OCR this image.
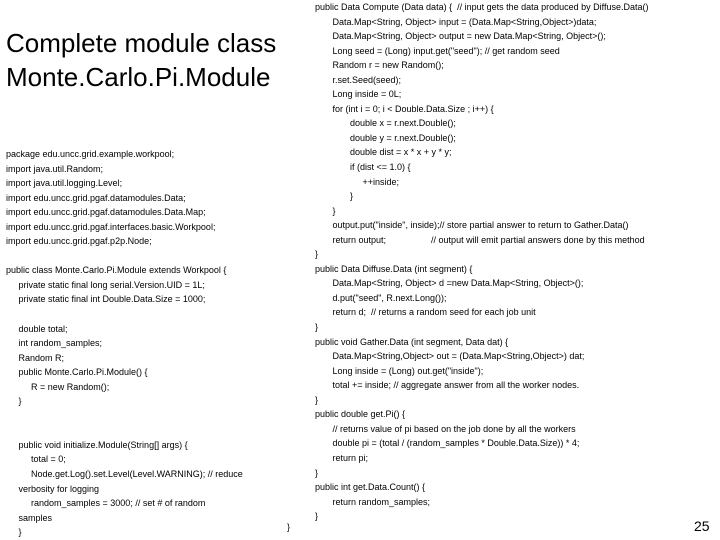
Complete module class
Monte.Carlo.Pi.Module
package edu.uncc.grid.example.workpool;
import java.util.Random;
import java.util.logging.Level;
import edu.uncc.grid.pgaf.datamodules.Data;
import edu.uncc.grid.pgaf.datamodules.Data.Map;
import edu.uncc.grid.pgaf.interfaces.basic.Workpool;
import edu.uncc.grid.pgaf.p2p.Node;

public class Monte.Carlo.Pi.Module extends Workpool {
private static final long serial.Version.UID = 1L;
private static final int Double.Data.Size = 1000;

double total;
int random_samples;
Random R;
public Monte.Carlo.Pi.Module() {
R = new Random();
}

public void initialize.Module(String[] args) {
total = 0;
Node.get.Log().set.Level(Level.WARNING); // reduce
verbosity for logging
random_samples = 3000; // set # of random
samples
}
public Data Compute (Data data) {  // input gets the data produced by Diffuse.Data()
Data.Map<String, Object> input = (Data.Map<String,Object>)data;
Data.Map<String, Object> output = new Data.Map<String, Object>();
Long seed = (Long) input.get("seed"); // get random seed
Random r = new Random();
r.set.Seed(seed);
Long inside = 0L;
for (int i = 0; i < Double.Data.Size ; i++) {
double x = r.next.Double();
double y = r.next.Double();
double dist = x * x + y * y;
if (dist <= 1.0) {
++inside;
}
}
output.put("inside", inside);// store partial answer to return to Gather.Data()
return output;                  // output will emit partial answers done by this method
}
public Data Diffuse.Data (int segment) {
Data.Map<String, Object> d =new Data.Map<String, Object>();
d.put("seed", R.next.Long());
return d;  // returns a random seed for each job unit
}
public void Gather.Data (int segment, Data dat) {
Data.Map<String,Object> out = (Data.Map<String,Object>) dat;
Long inside = (Long) out.get("inside");
total += inside; // aggregate answer from all the worker nodes.
}
public double get.Pi() {
// returns value of pi based on the job done by all the workers
double pi = (total / (random_samples * Double.Data.Size)) * 4;
return pi;
}
public int get.Data.Count() {
return random_samples;
}
}	25
